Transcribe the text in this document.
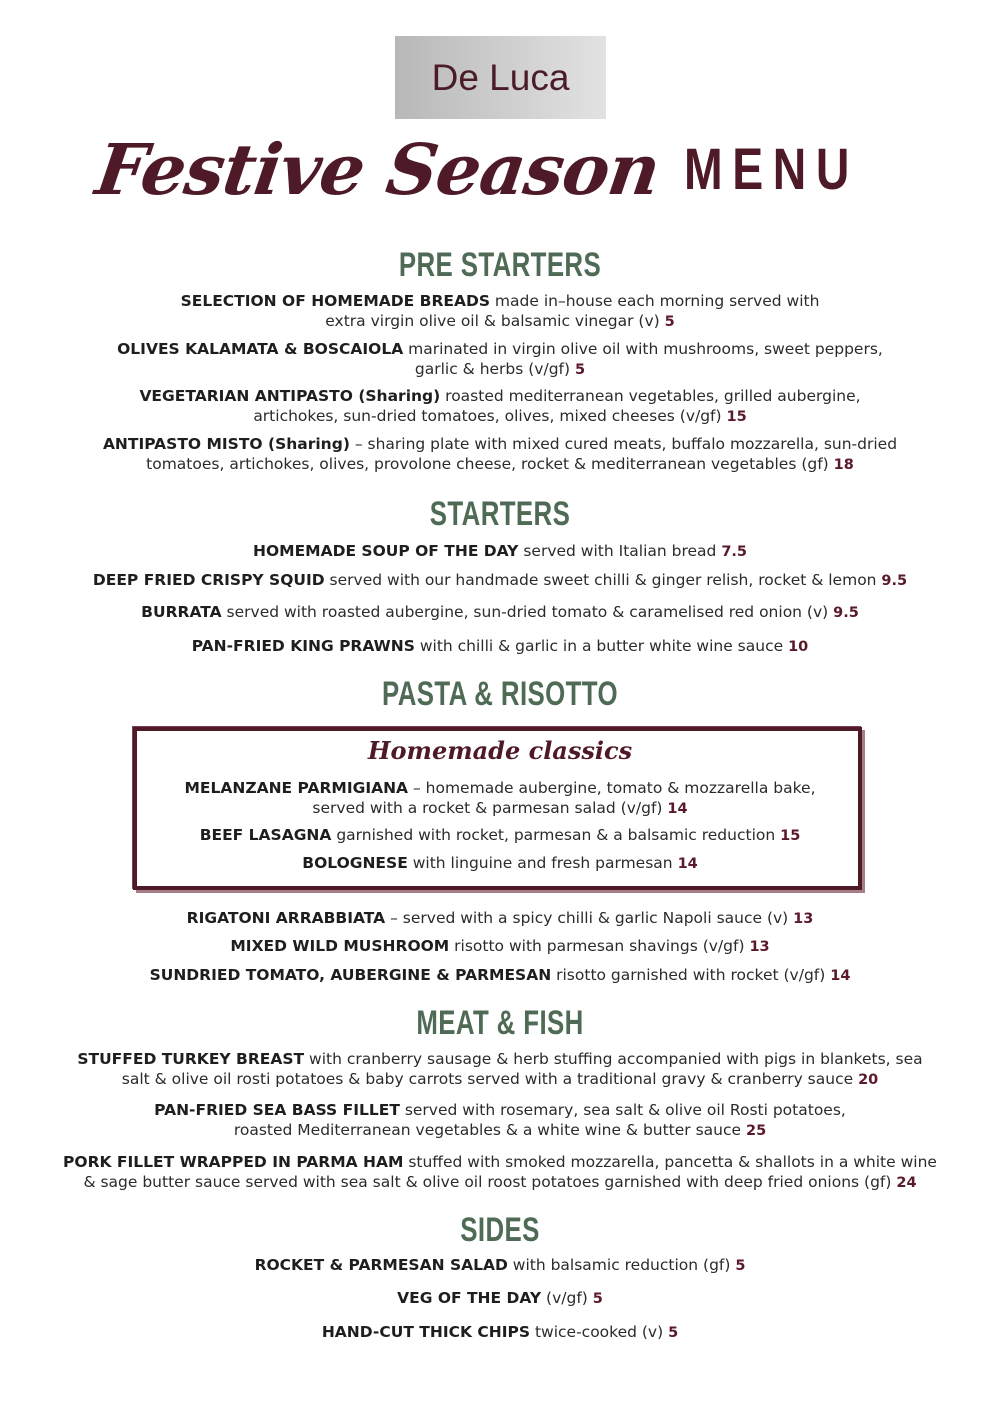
De Luca
Festive Season MENU
PRE STARTERS
SELECTION OF HOMEMADE BREADS made in–house each morning served with
extra virgin olive oil & balsamic vinegar (v) 5
OLIVES KALAMATA & BOSCAIOLA marinated in virgin olive oil with mushrooms, sweet peppers,
garlic & herbs (v/gf) 5
VEGETARIAN ANTIPASTO (Sharing) roasted mediterranean vegetables, grilled aubergine,
artichokes, sun-dried tomatoes, olives, mixed cheeses (v/gf) 15
ANTIPASTO MISTO (Sharing) – sharing plate with mixed cured meats, buffalo mozzarella, sun-dried
tomatoes, artichokes, olives, provolone cheese, rocket & mediterranean vegetables (gf) 18
STARTERS
HOMEMADE SOUP OF THE DAY served with Italian bread 7.5
DEEP FRIED CRISPY SQUID served with our handmade sweet chilli & ginger relish, rocket & lemon 9.5
BURRATA served with roasted aubergine, sun-dried tomato & caramelised red onion (v) 9.5
PAN-FRIED KING PRAWNS with chilli & garlic in a butter white wine sauce 10
PASTA & RISOTTO
Homemade classics
MELANZANE PARMIGIANA – homemade aubergine, tomato & mozzarella bake,
served with a rocket & parmesan salad (v/gf) 14
BEEF LASAGNA garnished with rocket, parmesan & a balsamic reduction 15
BOLOGNESE with linguine and fresh parmesan 14
RIGATONI ARRABBIATA – served with a spicy chilli & garlic Napoli sauce (v) 13
MIXED WILD MUSHROOM risotto with parmesan shavings (v/gf) 13
SUNDRIED TOMATO, AUBERGINE & PARMESAN risotto garnished with rocket (v/gf) 14
MEAT & FISH
STUFFED TURKEY BREAST with cranberry sausage & herb stuffing accompanied with pigs in blankets, sea
salt & olive oil rosti potatoes & baby carrots served with a traditional gravy & cranberry sauce 20
PAN-FRIED SEA BASS FILLET served with rosemary, sea salt & olive oil Rosti potatoes,
roasted Mediterranean vegetables & a white wine & butter sauce 25
PORK FILLET WRAPPED IN PARMA HAM stuffed with smoked mozzarella, pancetta & shallots in a white wine
& sage butter sauce served with sea salt & olive oil roost potatoes garnished with deep fried onions (gf) 24
SIDES
ROCKET & PARMESAN SALAD with balsamic reduction (gf) 5
VEG OF THE DAY (v/gf) 5
HAND-CUT THICK CHIPS twice-cooked (v) 5
